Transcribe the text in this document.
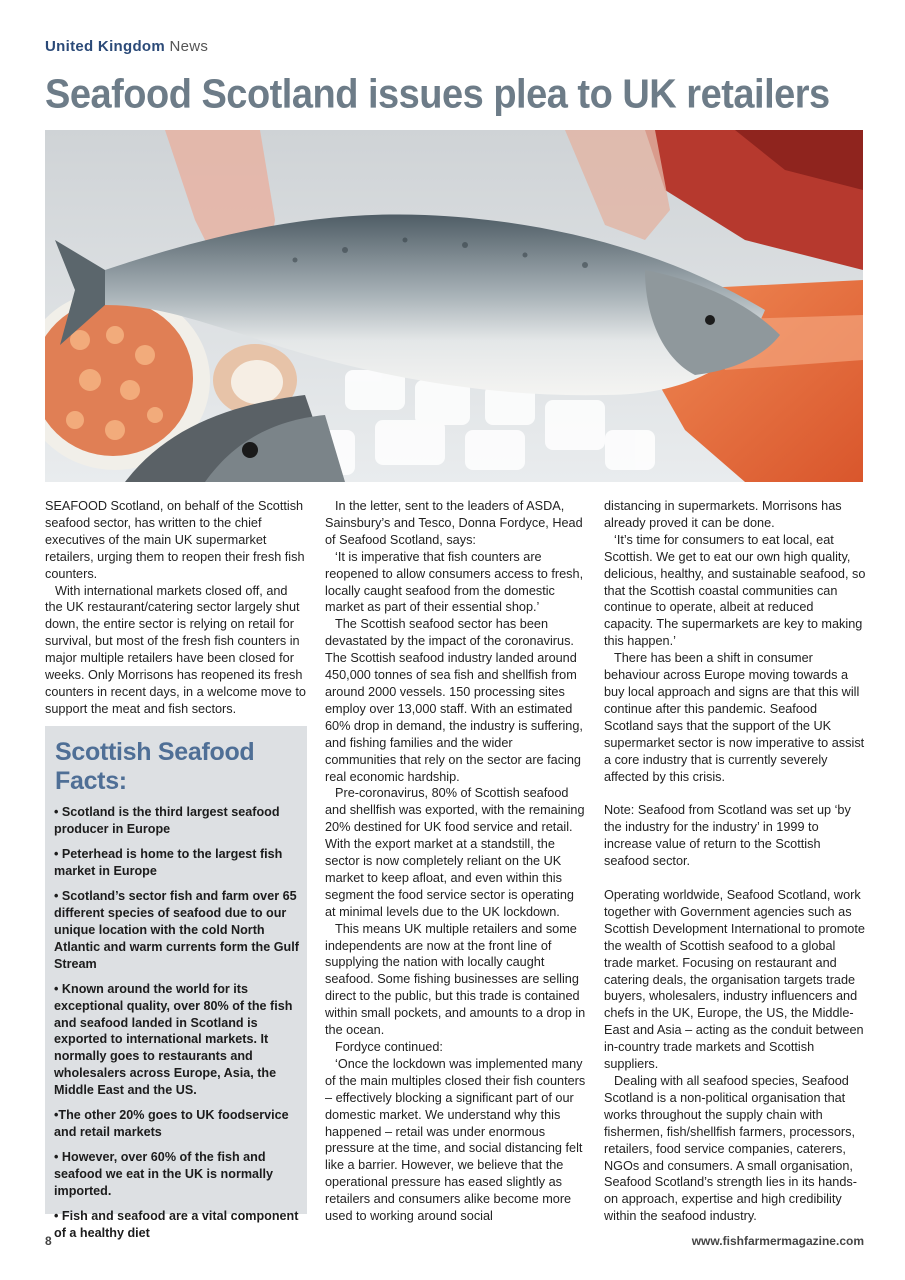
United Kingdom News
Seafood Scotland issues plea to UK retailers

SEAFOOD Scotland, on behalf of the Scottish seafood sector, has written to the chief executives of the main UK supermarket retailers, urging them to reopen their fresh fish counters.

With international markets closed off, and the UK restaurant/catering sector largely shut down, the entire sector is relying on retail for survival, but most of the fresh fish counters in major multiple retailers have been closed for weeks. Only Morrisons has reopened its fresh counters in recent days, in a welcome move to support the meat and fish sectors.

Scottish Seafood Facts:
• Scotland is the third largest seafood producer in Europe
• Peterhead is home to the largest fish market in Europe
• Scotland’s sector fish and farm over 65 different species of seafood due to our unique location with the cold North Atlantic and warm currents form the Gulf Stream
• Known around the world for its exceptional quality, over 80% of the fish and seafood landed in Scotland is exported to international markets. It normally goes to restaurants and wholesalers across Europe, Asia, the Middle East and the US.
•The other 20% goes to UK foodservice and retail markets
• However, over 60% of the fish and seafood we eat in the UK is normally imported.
• Fish and seafood are a vital component of a healthy diet

In the letter, sent to the leaders of ASDA, Sainsbury’s and Tesco, Donna Fordyce, Head of Seafood Scotland, says:

‘It is imperative that fish counters are reopened to allow consumers access to fresh, locally caught seafood from the domestic market as part of their essential shop.’

The Scottish seafood sector has been devastated by the impact of the coronavirus. The Scottish seafood industry landed around 450,000 tonnes of sea fish and shellfish from around 2000 vessels. 150 processing sites employ over 13,000 staff. With an estimated 60% drop in demand, the industry is suffering, and fishing families and the wider communities that rely on the sector are facing real economic hardship.

Pre-coronavirus, 80% of Scottish seafood and shellfish was exported, with the remaining 20% destined for UK food service and retail. With the export market at a standstill, the sector is now completely reliant on the UK market to keep afloat, and even within this segment the food service sector is operating at minimal levels due to the UK lockdown.

This means UK multiple retailers and some independents are now at the front line of supplying the nation with locally caught seafood. Some fishing businesses are selling direct to the public, but this trade is contained within small pockets, and amounts to a drop in the ocean.

Fordyce continued:

‘Once the lockdown was implemented many of the main multiples closed their fish counters – effectively blocking a significant part of our domestic market. We understand why this happened – retail was under enormous pressure at the time, and social distancing felt like a barrier. However, we believe that the operational pressure has eased slightly as retailers and consumers alike become more used to working around social

distancing in supermarkets. Morrisons has already proved it can be done.

‘It’s time for consumers to eat local, eat Scottish. We get to eat our own high quality, delicious, healthy, and sustainable seafood, so that the Scottish coastal communities can continue to operate, albeit at reduced capacity. The supermarkets are key to making this happen.’

There has been a shift in consumer behaviour across Europe moving towards a buy local approach and signs are that this will continue after this pandemic. Seafood Scotland says that the support of the UK supermarket sector is now imperative to assist a core industry that is currently severely affected by this crisis.

Note: Seafood from Scotland was set up ‘by the industry for the industry’ in 1999 to increase value of return to the Scottish seafood sector.

Operating worldwide, Seafood Scotland, work together with Government agencies such as Scottish Development International to promote the wealth of Scottish seafood to a global trade market. Focusing on restaurant and catering deals, the organisation targets trade buyers, wholesalers, industry influencers and chefs in the UK, Europe, the US, the Middle-East and Asia – acting as the conduit between in-country trade markets and Scottish suppliers.

Dealing with all seafood species, Seafood Scotland is a non-political organisation that works throughout the supply chain with fishermen, fish/shellfish farmers, processors, retailers, food service companies, caterers, NGOs and consumers. A small organisation, Seafood Scotland’s strength lies in its hands-on approach, expertise and high credibility within the seafood industry.

8	www.fishfarmermagazine.com
